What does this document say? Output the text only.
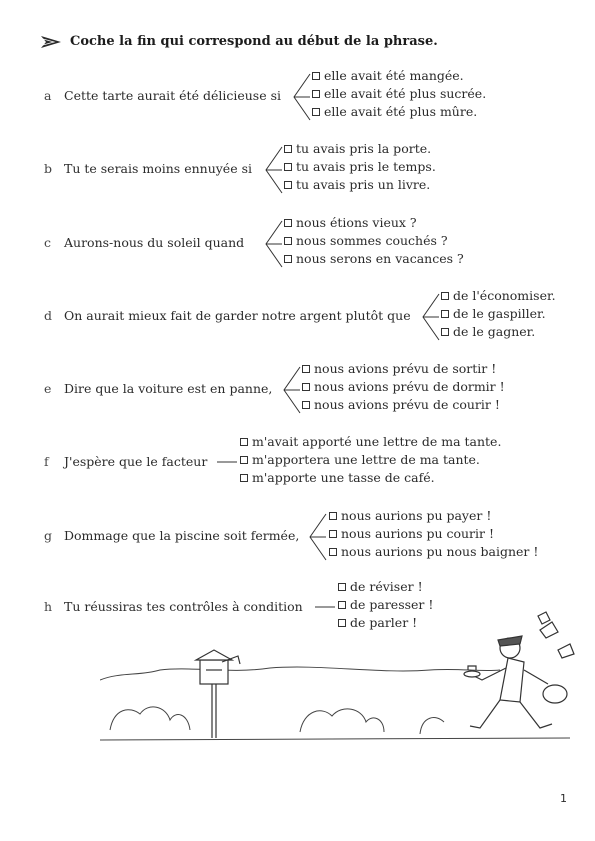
Coche la fin qui correspond au début de la phrase.
a Cette tarte aurait été délicieuse si
elle avait été mangée.
elle avait été plus sucrée.
elle avait été plus mûre.
b Tu te serais moins ennuyée si
tu avais pris la porte.
tu avais pris le temps.
tu avais pris un livre.
c Aurons-nous du soleil quand
nous étions vieux ?
nous sommes couchés ?
nous serons en vacances ?
d On aurait mieux fait de garder notre argent plutôt que
de l'économiser.
de le gaspiller.
de le gagner.
e Dire que la voiture est en panne,
nous avions prévu de sortir !
nous avions prévu de dormir !
nous avions prévu de courir !
f J'espère que le facteur
m'avait apporté une lettre de ma tante.
m'apportera une lettre de ma tante.
m'apporte une tasse de café.
g Dommage que la piscine soit fermée,
nous aurions pu payer !
nous aurions pu courir !
nous aurions pu nous baigner !
h Tu réussiras tes contrôles à condition
de réviser !
de paresser !
de parler !
1
